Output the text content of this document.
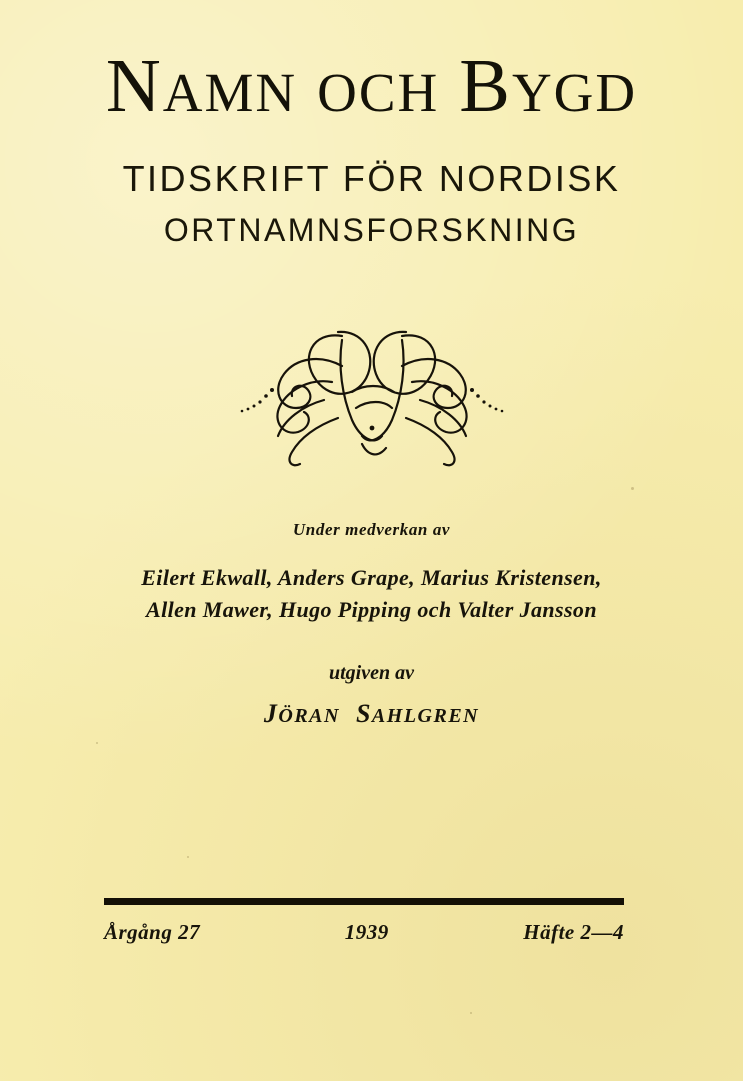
NAMN OCH BYGD
TIDSKRIFT FÖR NORDISK
ORTNAMNSFORSKNING
Under medverkan av
Eilert Ekwall, Anders Grape, Marius Kristensen,
Allen Mawer, Hugo Pipping och Valter Jansson
utgiven av
JÖRAN SAHLGREN
Årgång 27	1939	Häfte 2—4
